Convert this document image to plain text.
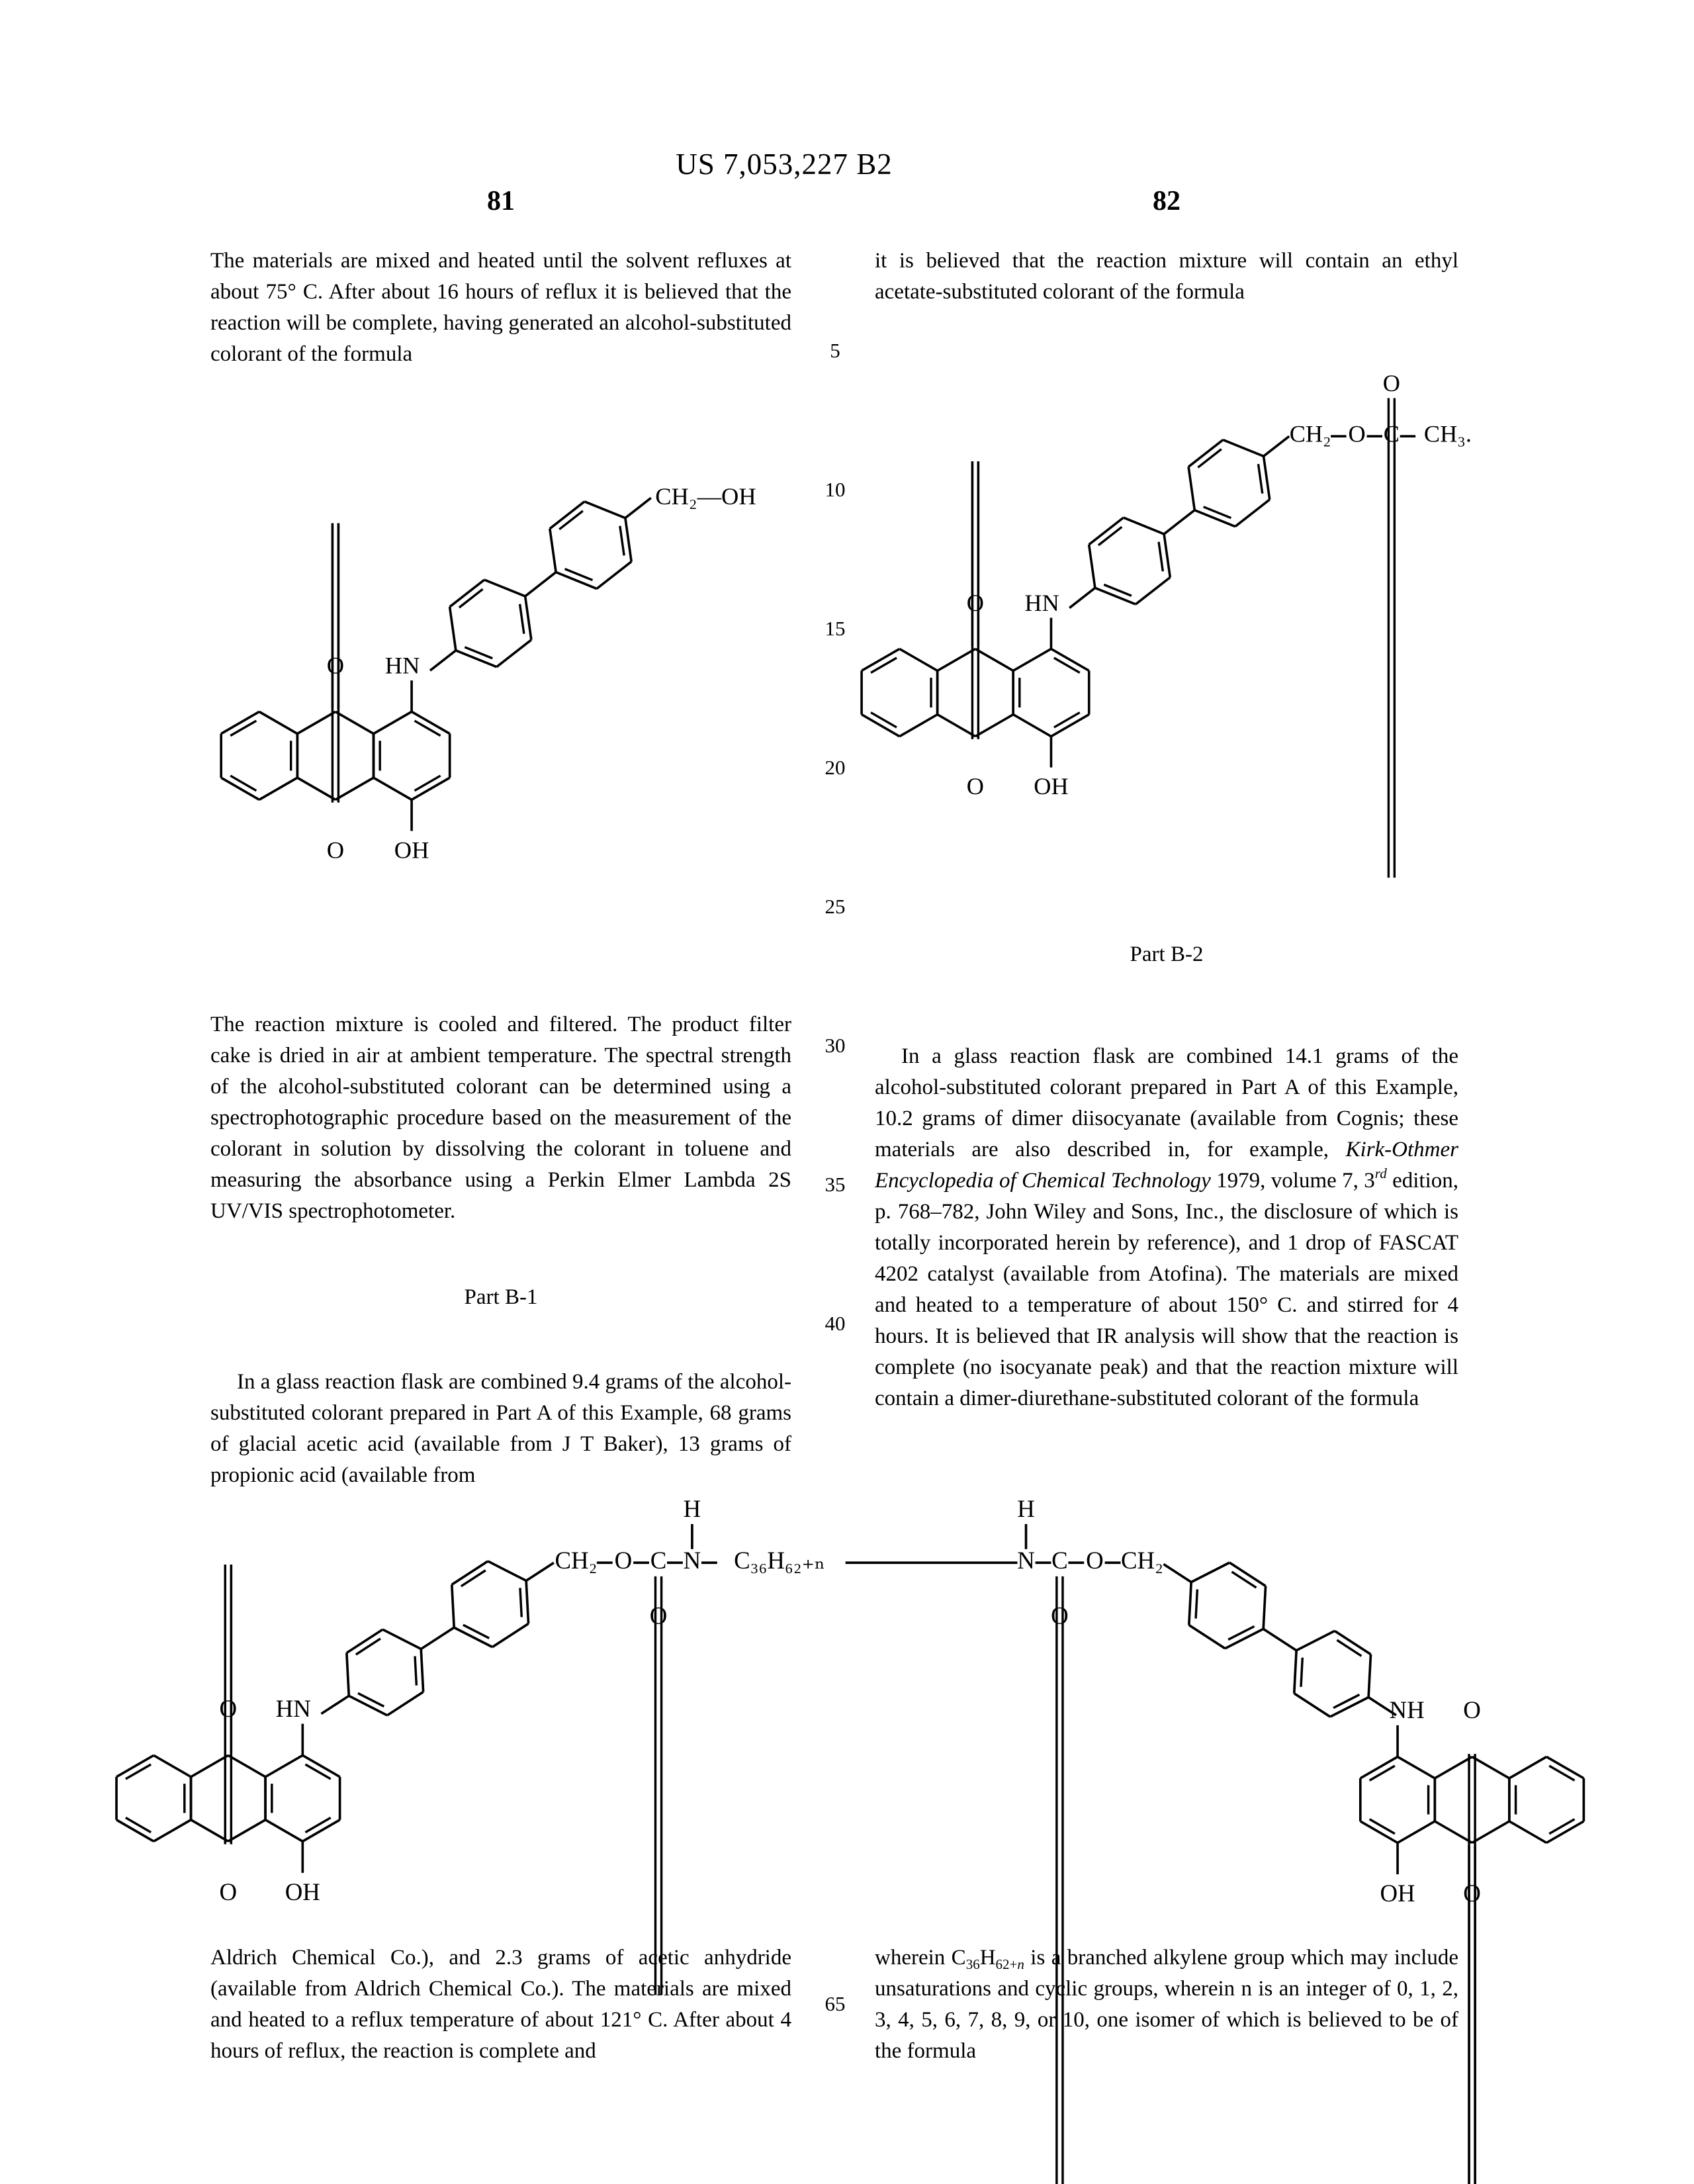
US 7,053,227 B2
81	82
5
10
15
20
25
30
35
40
65

The materials are mixed and heated until the solvent refluxes at about 75° C. After about 16 hours of reflux it is believed that the reaction will be complete, having generated an alcohol-substituted colorant of the formula

O
O OH
HN
CH₂—OH

The reaction mixture is cooled and filtered. The product filter cake is dried in air at ambient temperature. The spectral strength of the alcohol-substituted colorant can be determined using a spectrophotographic procedure based on the measurement of the colorant in solution by dissolving the colorant in toluene and measuring the absorbance using a Perkin Elmer Lambda 2S UV/VIS spectrophotometer.

Part B-1

In a glass reaction flask are combined 9.4 grams of the alcohol-substituted colorant prepared in Part A of this Example, 68 grams of glacial acetic acid (available from J T Baker), 13 grams of propionic acid (available from

Aldrich Chemical Co.), and 2.3 grams of acetic anhydride (available from Aldrich Chemical Co.). The materials are mixed and heated to a reflux temperature of about 121° C. After about 4 hours of reflux, the reaction is complete and

it is believed that the reaction mixture will contain an ethyl acetate-substituted colorant of the formula

O
O OH
HN
CH₂ O C CH₃.
O
Part B-2

In a glass reaction flask are combined 14.1 grams of the alcohol-substituted colorant prepared in Part A of this Example, 10.2 grams of dimer diisocyanate (available from Cognis; these materials are also described in, for example, Kirk-Othmer Encyclopedia of Chemical Technology 1979, volume 7, 3rd edition, p. 768–782, John Wiley and Sons, Inc., the disclosure of which is totally incorporated herein by reference), and 1 drop of FASCAT 4202 catalyst (available from Atofina). The materials are mixed and heated to a temperature of about 150° C. and stirred for 4 hours. It is believed that IR analysis will show that the reaction is complete (no isocyanate peak) and that the reaction mixture will contain a dimer-diurethane-substituted colorant of the formula

wherein $C_{36}H_{62+n}$ is a branched alkylene group which may include unsaturations and cyclic groups, wherein n is an integer of 0, 1, 2, 3, 4, 5, 6, 7, 8, 9, or 10, one isomer of which is believed to be of the formula

O
O OH
HN
CH₂ O C N C₃₆H₆₂₊ₙ	N C O CH₂
H	H
O	O
O
O
OH
NH
